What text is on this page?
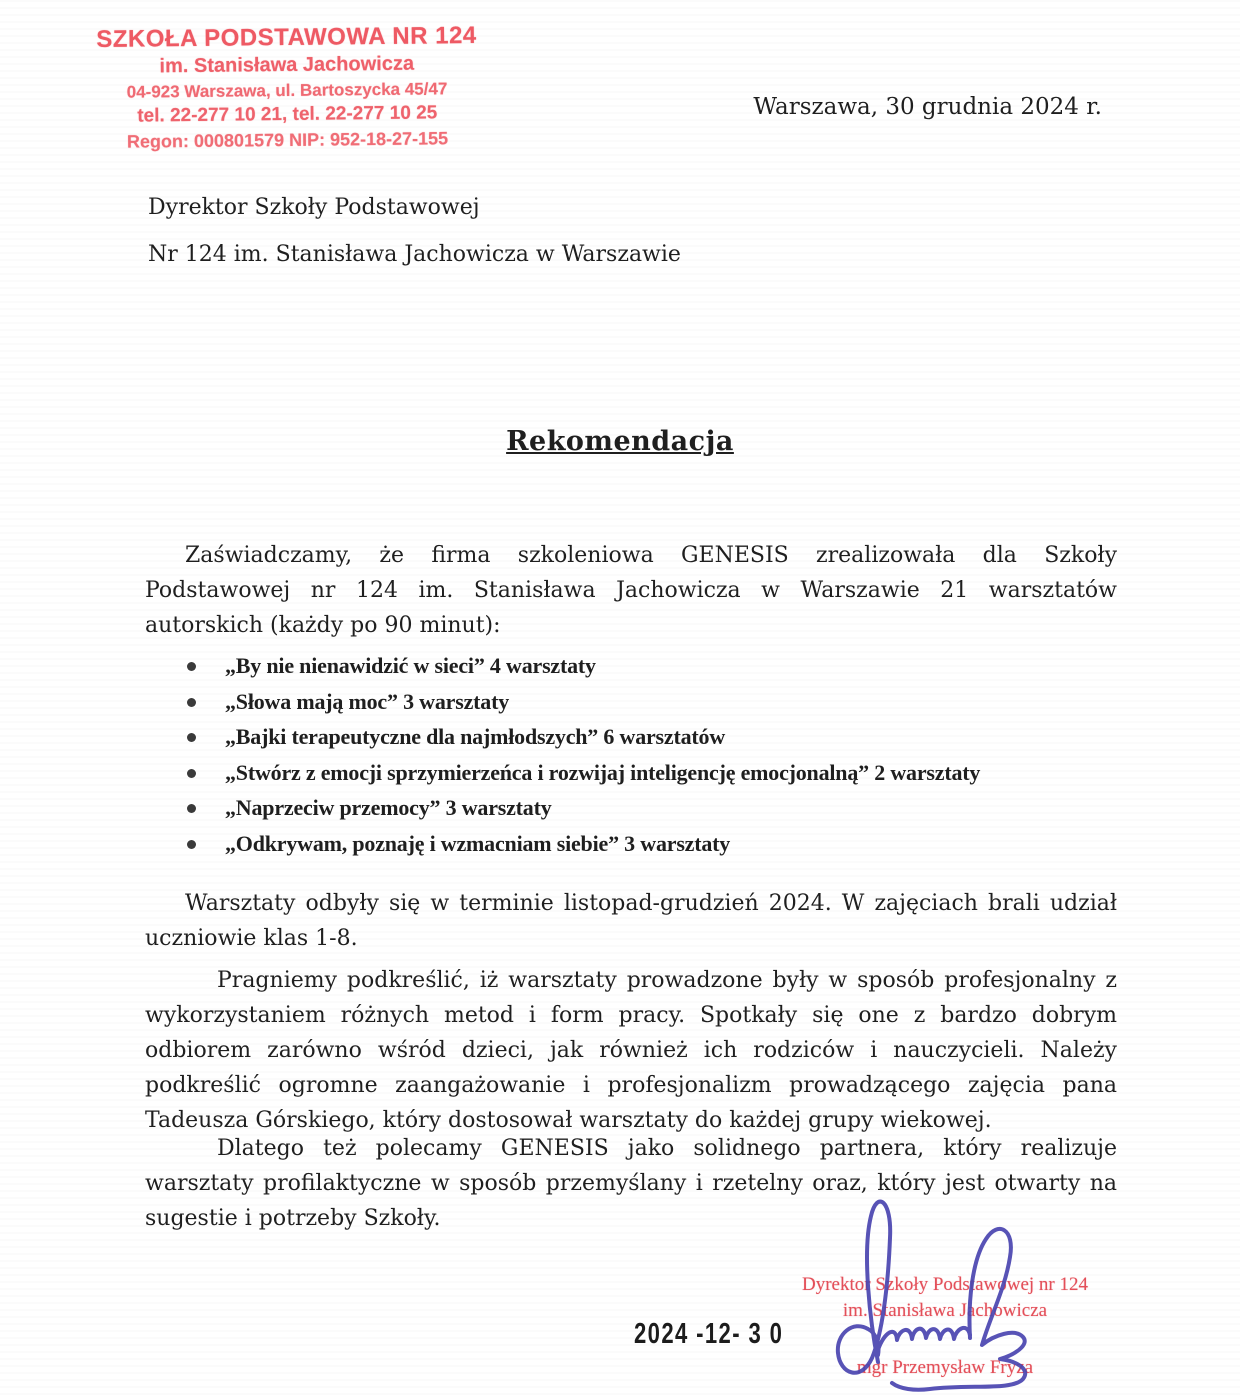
SZKOŁA PODSTAWOWA NR 124
im. Stanisława Jachowicza
04-923 Warszawa, ul. Bartoszycka 45/47
tel. 22-277 10 21, tel. 22-277 10 25
Regon: 000801579 NIP: 952-18-27-155
Warszawa, 30 grudnia 2024 r.
Dyrektor Szkoły Podstawowej
Nr 124 im. Stanisława Jachowicza w Warszawie
Rekomendacja
Zaświadczamy, że firma szkoleniowa GENESIS zrealizowała dla Szkoły Podstawowej nr 124 im. Stanisława Jachowicza w Warszawie 21 warsztatów autorskich (każdy po 90 minut):
„By nie nienawidzić w sieci” 4 warsztaty
„Słowa mają moc” 3 warsztaty
„Bajki terapeutyczne dla najmłodszych” 6 warsztatów
„Stwórz z emocji sprzymierzeńca i rozwijaj inteligencję emocjonalną” 2 warsztaty
„Naprzeciw przemocy” 3 warsztaty
„Odkrywam, poznaję i wzmacniam siebie” 3 warsztaty
Warsztaty odbyły się w terminie listopad-grudzień 2024. W zajęciach brali udział uczniowie klas 1-8.
Pragniemy podkreślić, iż warsztaty prowadzone były w sposób profesjonalny z wykorzystaniem różnych metod i form pracy. Spotkały się one z bardzo dobrym odbiorem zarówno wśród dzieci, jak również ich rodziców i nauczycieli. Należy podkreślić ogromne zaangażowanie i profesjonalizm prowadzącego zajęcia pana Tadeusza Górskiego, który dostosował warsztaty do każdej grupy wiekowej.
Dlatego też polecamy GENESIS jako solidnego partnera, który realizuje warsztaty profilaktyczne w sposób przemyślany i rzetelny oraz, który jest otwarty na sugestie i potrzeby Szkoły.
2024 -12- 3 0
Dyrektor Szkoły Podstawowej nr 124
im. Stanisława Jachowicza
mgr Przemysław Fryza
